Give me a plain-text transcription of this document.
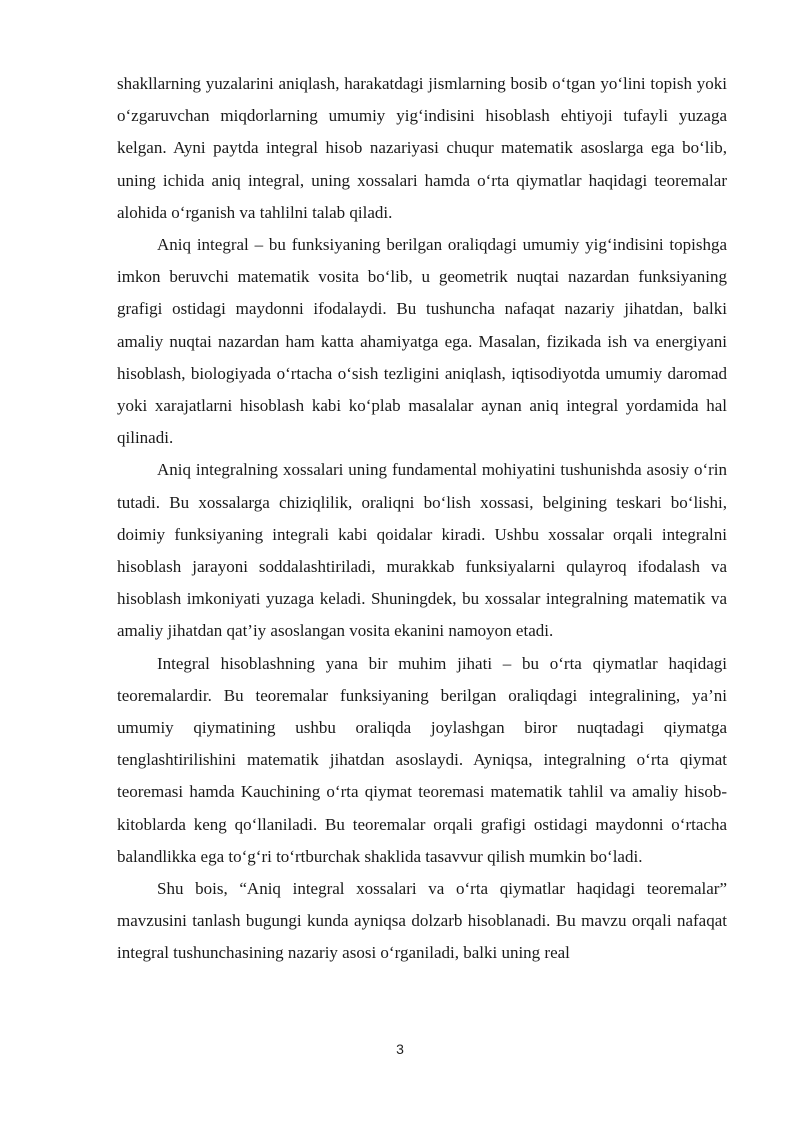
shakllarning yuzalarini aniqlash, harakatdagi jismlarning bosib o‘tgan yo‘lini topish yoki o‘zgaruvchan miqdorlarning umumiy yig‘indisini hisoblash ehtiyoji tufayli yuzaga kelgan. Ayni paytda integral hisob nazariyasi chuqur matematik asoslarga ega bo‘lib, uning ichida aniq integral, uning xossalari hamda o‘rta qiymatlar haqidagi teoremalar alohida o‘rganish va tahlilni talab qiladi.

Aniq integral – bu funksiyaning berilgan oraliqdagi umumiy yig‘indisini topishga imkon beruvchi matematik vosita bo‘lib, u geometrik nuqtai nazardan funksiyaning grafigi ostidagi maydonni ifodalaydi. Bu tushuncha nafaqat nazariy jihatdan, balki amaliy nuqtai nazardan ham katta ahamiyatga ega. Masalan, fizikada ish va energiyani hisoblash, biologiyada o‘rtacha o‘sish tezligini aniqlash, iqtisodiyotda umumiy daromad yoki xarajatlarni hisoblash kabi ko‘plab masalalar aynan aniq integral yordamida hal qilinadi.

Aniq integralning xossalari uning fundamental mohiyatini tushunishda asosiy o‘rin tutadi. Bu xossalarga chiziqlilik, oraliqni bo‘lish xossasi, belgining teskari bo‘lishi, doimiy funksiyaning integrali kabi qoidalar kiradi. Ushbu xossalar orqali integralni hisoblash jarayoni soddalashtiriladi, murakkab funksiyalarni qulayroq ifodalash va hisoblash imkoniyati yuzaga keladi. Shuningdek, bu xossalar integralning matematik va amaliy jihatdan qat’iy asoslangan vosita ekanini namoyon etadi.

Integral hisoblashning yana bir muhim jihati – bu o‘rta qiymatlar haqidagi teoremalardir. Bu teoremalar funksiyaning berilgan oraliqdagi integralining, ya’ni umumiy qiymatining ushbu oraliqda joylashgan biror nuqtadagi qiymatga tenglashtirilishini matematik jihatdan asoslaydi. Ayniqsa, integralning o‘rta qiymat teoremasi hamda Kauchining o‘rta qiymat teoremasi matematik tahlil va amaliy hisob-kitoblarda keng qo‘llaniladi. Bu teoremalar orqali grafigi ostidagi maydonni o‘rtacha balandlikka ega to‘g‘ri to‘rtburchak shaklida tasavvur qilish mumkin bo‘ladi.

Shu bois, “Aniq integral xossalari va o‘rta qiymatlar haqidagi teoremalar” mavzusini tanlash bugungi kunda ayniqsa dolzarb hisoblanadi. Bu mavzu orqali nafaqat integral tushunchasining nazariy asosi o‘rganiladi, balki uning real

3
